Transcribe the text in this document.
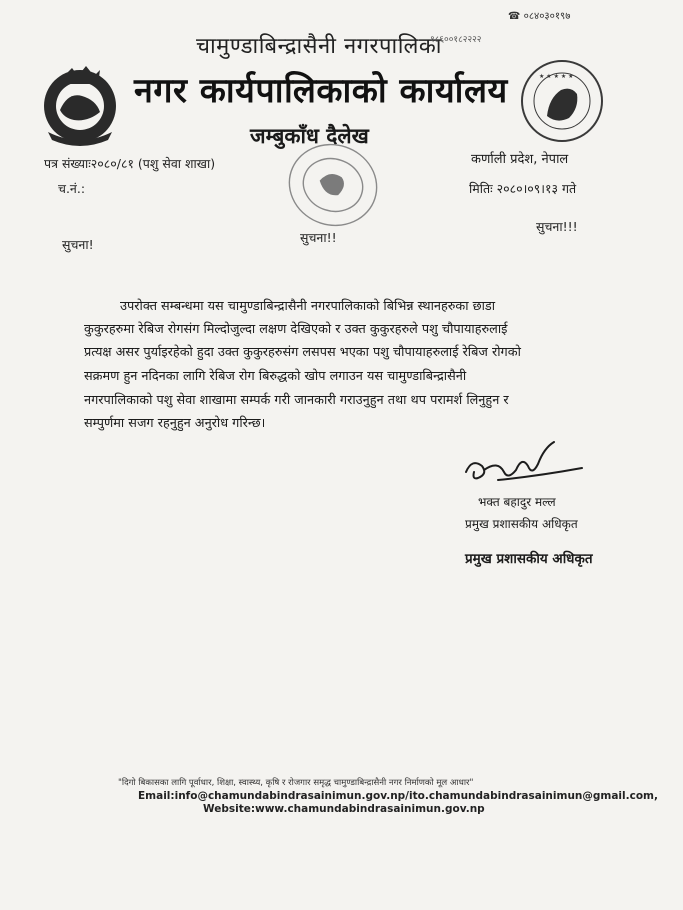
★ ★ ★ ★ ★
☎ ०८४०३०१९७
चामुण्डाबिन्द्रासैनी नगरपालिका
१८६००१८२२२२
नगर कार्यपालिकाको कार्यालय
जम्बुकाँध दैलेख
पत्र संख्याः२०८०/८१ (पशु सेवा शाखा)
च.नं.:
कर्णाली प्रदेश, नेपाल
मितिः २०८०।०९।१३ गते
सुचना!	सुचना!!
सुचना!!!
उपरोक्त सम्बन्धमा यस चामुण्डाबिन्द्रासैनी नगरपालिकाको बिभिन्न स्थानहरुका छाडा
कुकुरहरुमा रेबिज रोगसंग मिल्दोजुल्दा लक्षण देखिएको र उक्त कुकुरहरुले पशु चौपायाहरुलाई
प्रत्यक्ष असर पुर्याइरहेको हुदा उक्त कुकुरहरुसंग लसपस भएका पशु चौपायाहरुलाई रेबिज रोगको
सक्रमण हुन नदिनका लागि रेबिज रोग बिरुद्धको खोप लगाउन यस चामुण्डाबिन्द्रासैनी
नगरपालिकाको पशु सेवा शाखामा सम्पर्क गरी जानकारी गराउनुहुन तथा थप परामर्श लिनुहुन र
सम्पुर्णमा सजग रहनुहुन अनुरोध गरिन्छ।
भक्त बहादुर मल्ल
प्रमुख प्रशासकीय अधिकृत
प्रमुख प्रशासकीय अधिकृत
"दिगो बिकासका लागि पूर्वाधार, शिक्षा, स्वास्थ्य, कृषि र रोजगार समृद्ध चामुण्डाबिन्द्रासैनी नगर निर्माणको मूल आधार"
Email:info@chamundabindrasainimun.gov.np/ito.chamundabindrasainimun@gmail.com,
Website:www.chamundabindrasainimun.gov.np
